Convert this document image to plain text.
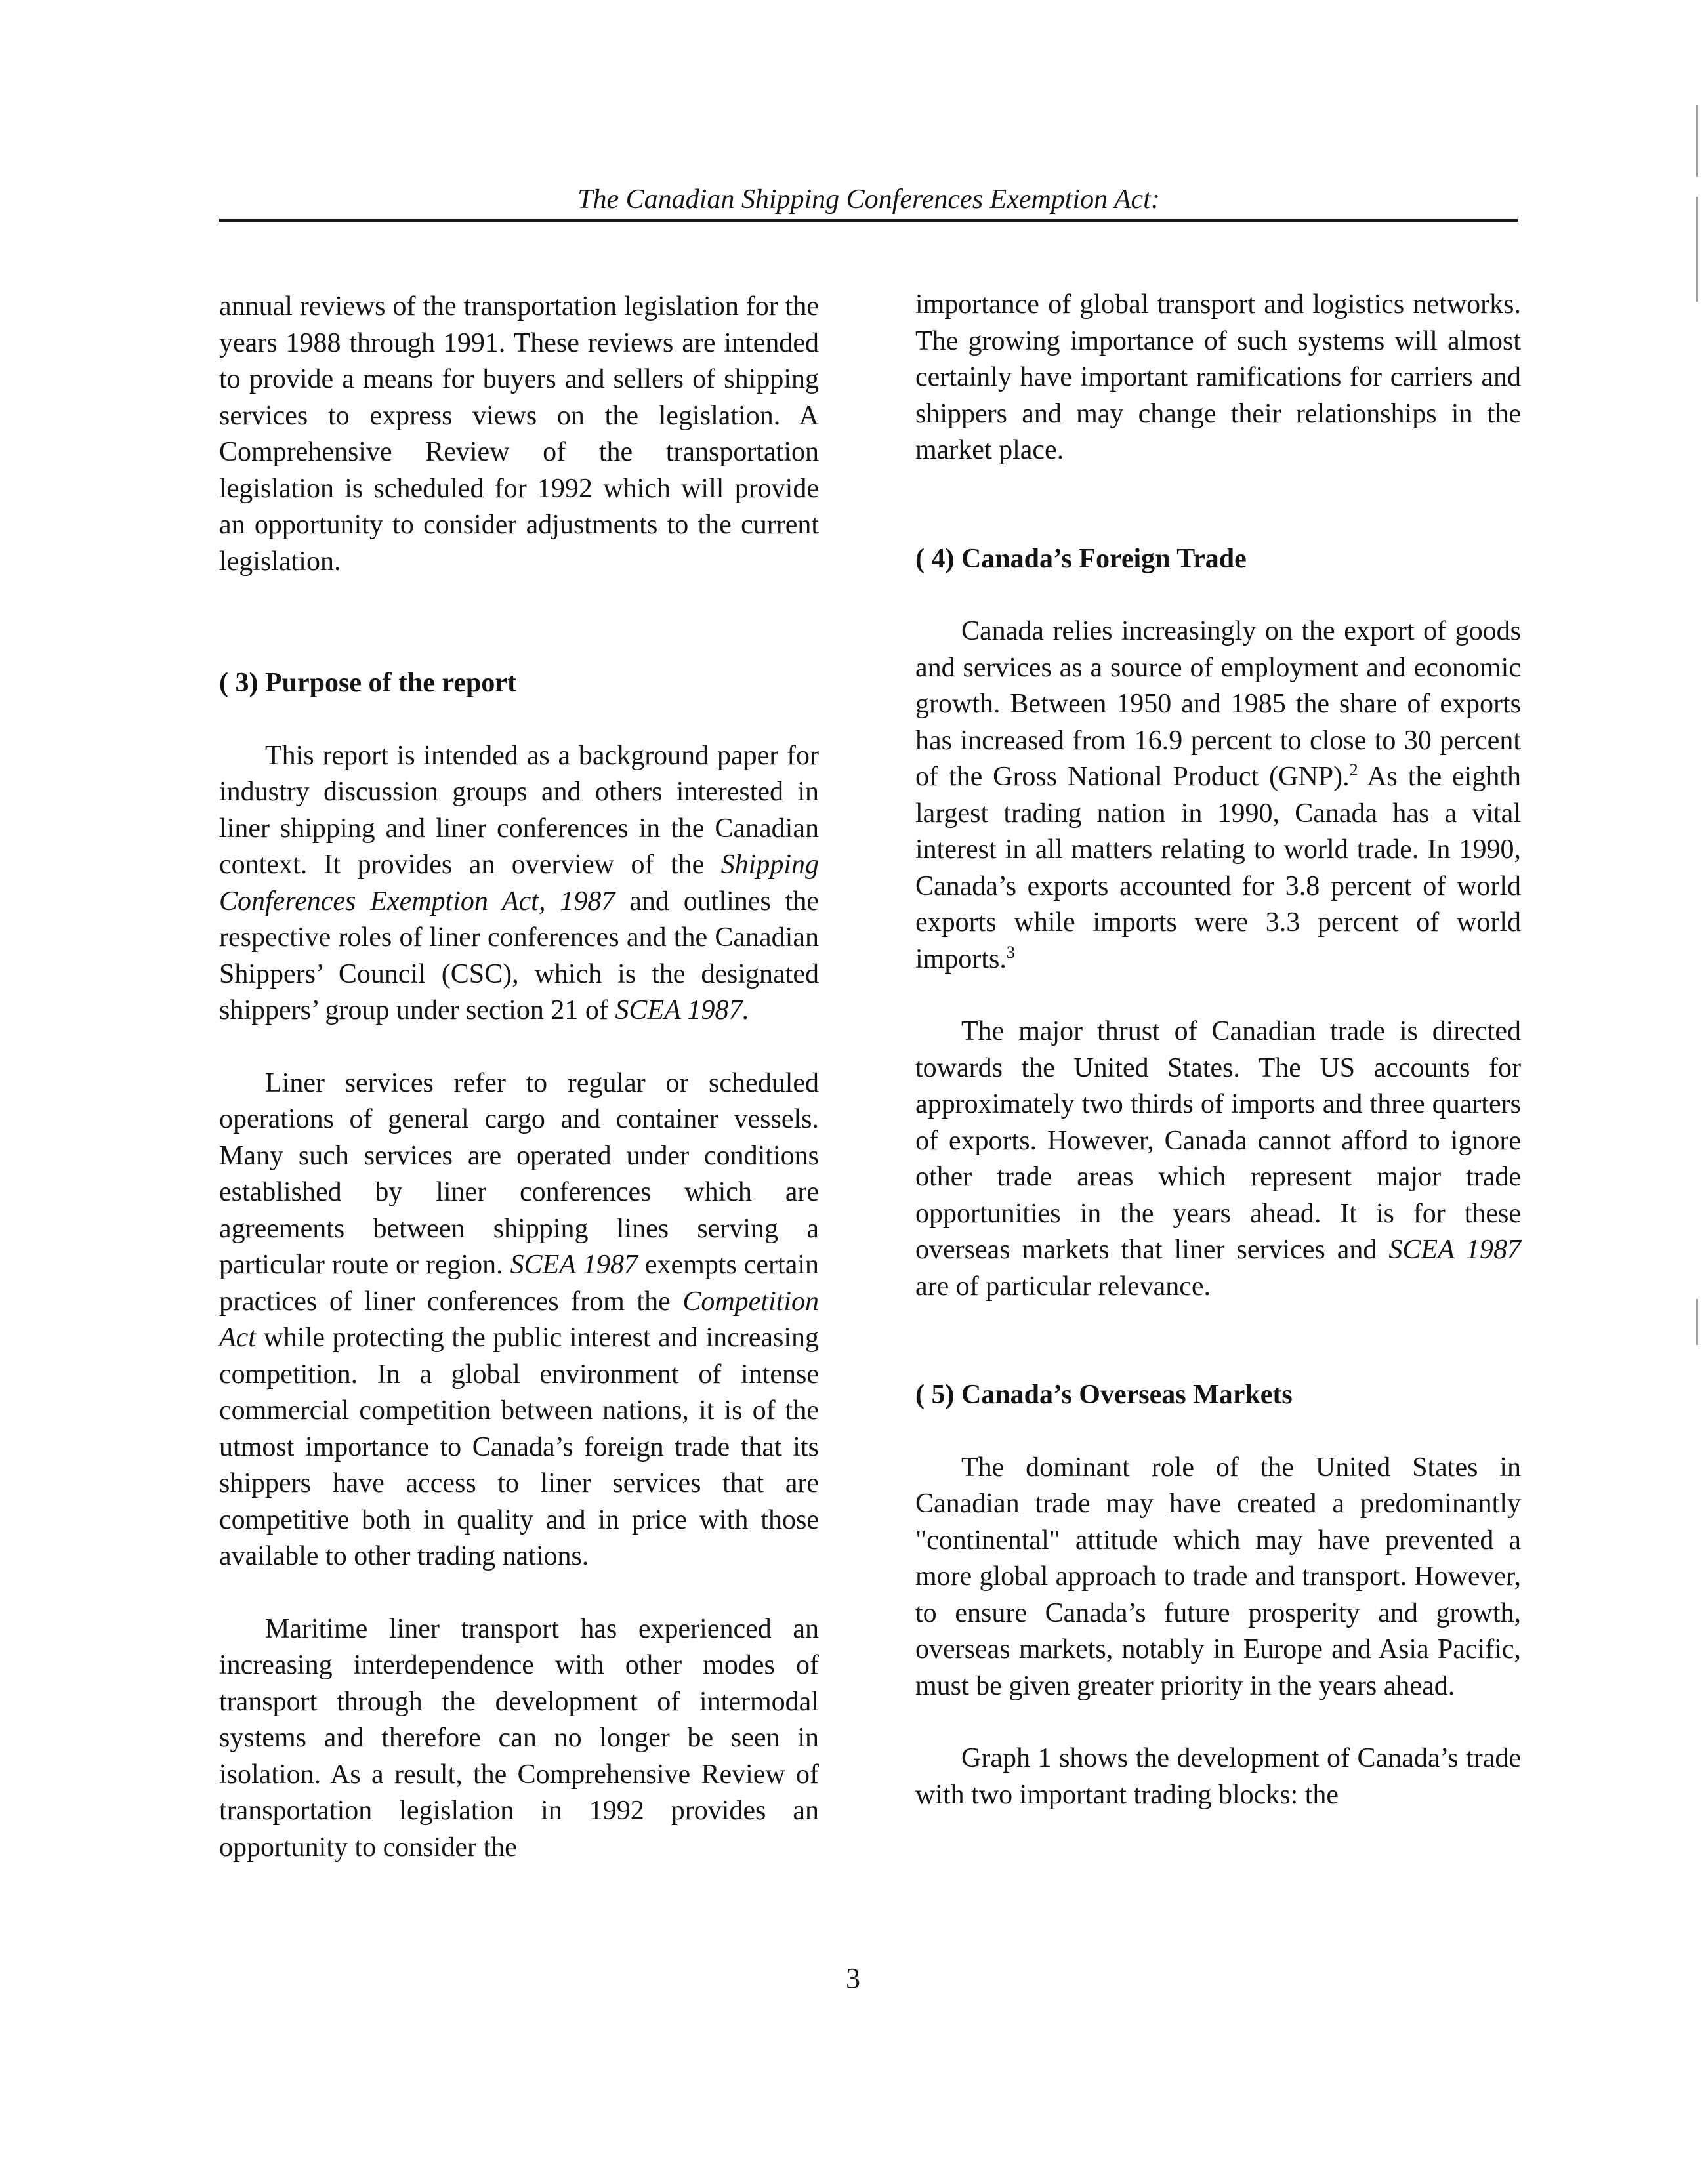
The Canadian Shipping Conferences Exemption Act:

annual reviews of the transportation legislation for the years 1988 through 1991. These reviews are intended to provide a means for buyers and sellers of shipping services to express views on the legislation. A Comprehensive Review of the transportation legislation is scheduled for 1992 which will provide an opportunity to consider adjustments to the current legislation.

( 3) Purpose of the report

This report is intended as a background paper for industry discussion groups and others interested in liner shipping and liner conferences in the Canadian context. It provides an overview of the Shipping Conferences Exemption Act, 1987 and outlines the respective roles of liner conferences and the Canadian Shippers’ Council (CSC), which is the designated shippers’ group under section 21 of SCEA 1987.

Liner services refer to regular or scheduled operations of general cargo and container vessels. Many such services are operated under conditions established by liner conferences which are agreements between shipping lines serving a particular route or region. SCEA 1987 exempts certain practices of liner conferences from the Competition Act while protecting the public interest and increasing competition. In a global environment of intense commercial competition between nations, it is of the utmost importance to Canada’s foreign trade that its shippers have access to liner services that are competitive both in quality and in price with those available to other trading nations.

Maritime liner transport has experienced an increasing interdependence with other modes of transport through the development of intermodal systems and therefore can no longer be seen in isolation. As a result, the Comprehensive Review of transportation legislation in 1992 provides an opportunity to consider the

importance of global transport and logistics networks. The growing importance of such systems will almost certainly have important ramifications for carriers and shippers and may change their relationships in the market place.

( 4) Canada’s Foreign Trade

Canada relies increasingly on the export of goods and services as a source of employment and economic growth. Between 1950 and 1985 the share of exports has increased from 16.9 percent to close to 30 percent of the Gross National Product (GNP).$^2$ As the eighth largest trading nation in 1990, Canada has a vital interest in all matters relating to world trade. In 1990, Canada’s exports accounted for 3.8 percent of world exports while imports were 3.3 percent of world imports.$^3$

The major thrust of Canadian trade is directed towards the United States. The US accounts for approximately two thirds of imports and three quarters of exports. However, Canada cannot afford to ignore other trade areas which represent major trade opportunities in the years ahead. It is for these overseas markets that liner services and SCEA 1987 are of particular relevance.

( 5) Canada’s Overseas Markets

The dominant role of the United States in Canadian trade may have created a predominantly "continental" attitude which may have prevented a more global approach to trade and transport. However, to ensure Canada’s future prosperity and growth, overseas markets, notably in Europe and Asia Pacific, must be given greater priority in the years ahead.

Graph 1 shows the development of Canada’s trade with two important trading blocks: the

3
